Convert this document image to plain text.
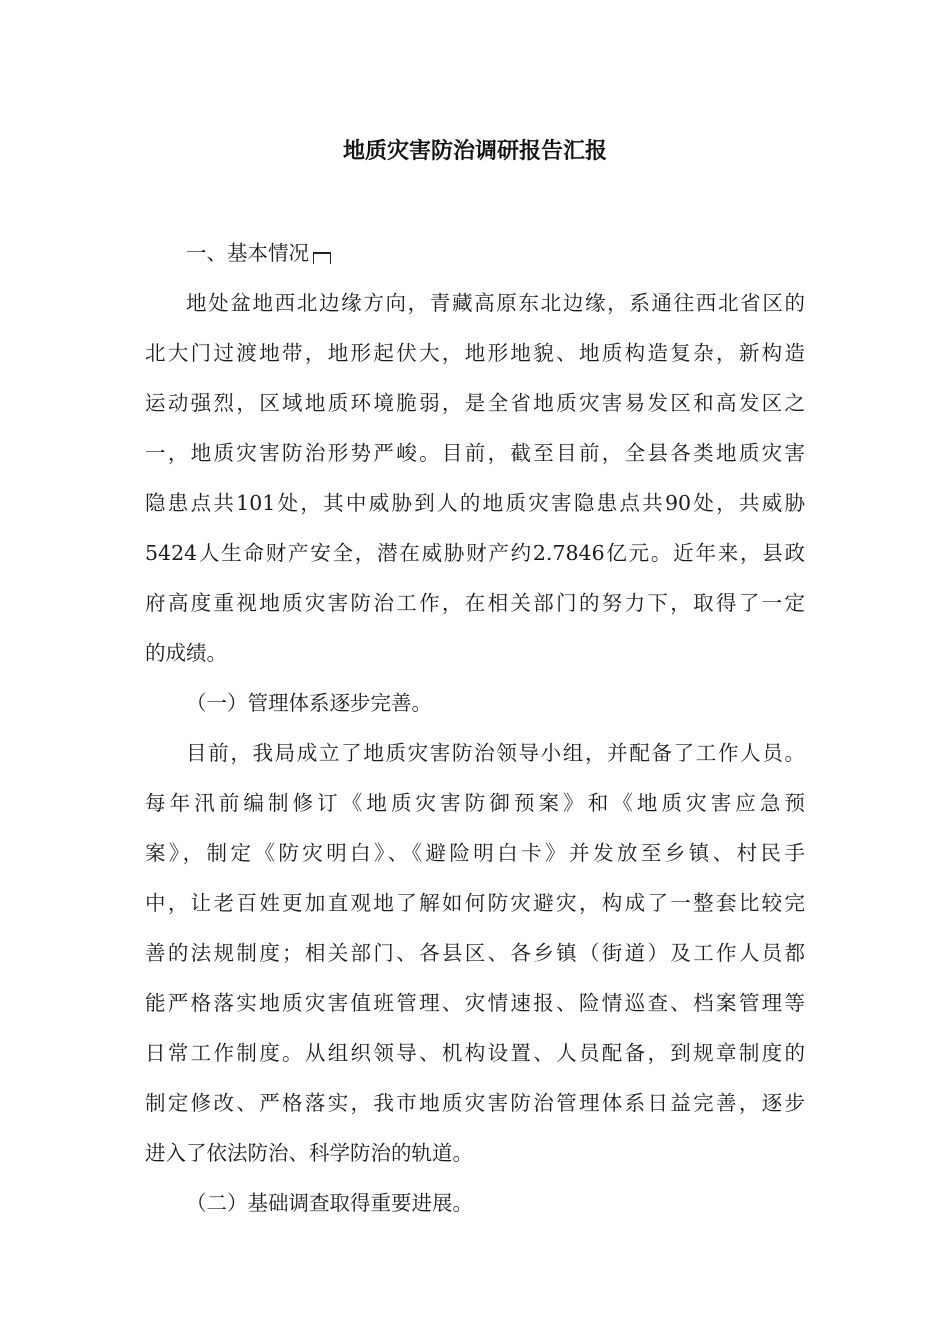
地质灾害防治调研报告汇报

一、基本情况

地处盆地西北边缘方向，青藏高原东北边缘，系通往西北省区的
北大门过渡地带，地形起伏大，地形地貌、地质构造复杂，新构造
运动强烈，区域地质环境脆弱，是全省地质灾害易发区和高发区之
一，地质灾害防治形势严峻。目前，截至目前，全县各类地质灾害
隐患点共101处，其中威胁到人的地质灾害隐患点共90处，共威胁
5424人生命财产安全，潜在威胁财产约2.7846亿元。近年来，县政
府高度重视地质灾害防治工作，在相关部门的努力下，取得了一定
的成绩。

（一）管理体系逐步完善。

目前，我局成立了地质灾害防治领导小组，并配备了工作人员。
每年汛前编制修订《地质灾害防御预案》和《地质灾害应急预
案》，制定《防灾明白》、《避险明白卡》并发放至乡镇、村民手
中，让老百姓更加直观地了解如何防灾避灾，构成了一整套比较完
善的法规制度；相关部门、各县区、各乡镇（街道）及工作人员都
能严格落实地质灾害值班管理、灾情速报、险情巡查、档案管理等
日常工作制度。从组织领导、机构设置、人员配备，到规章制度的
制定修改、严格落实，我市地质灾害防治管理体系日益完善，逐步
进入了依法防治、科学防治的轨道。

（二）基础调查取得重要进展。
